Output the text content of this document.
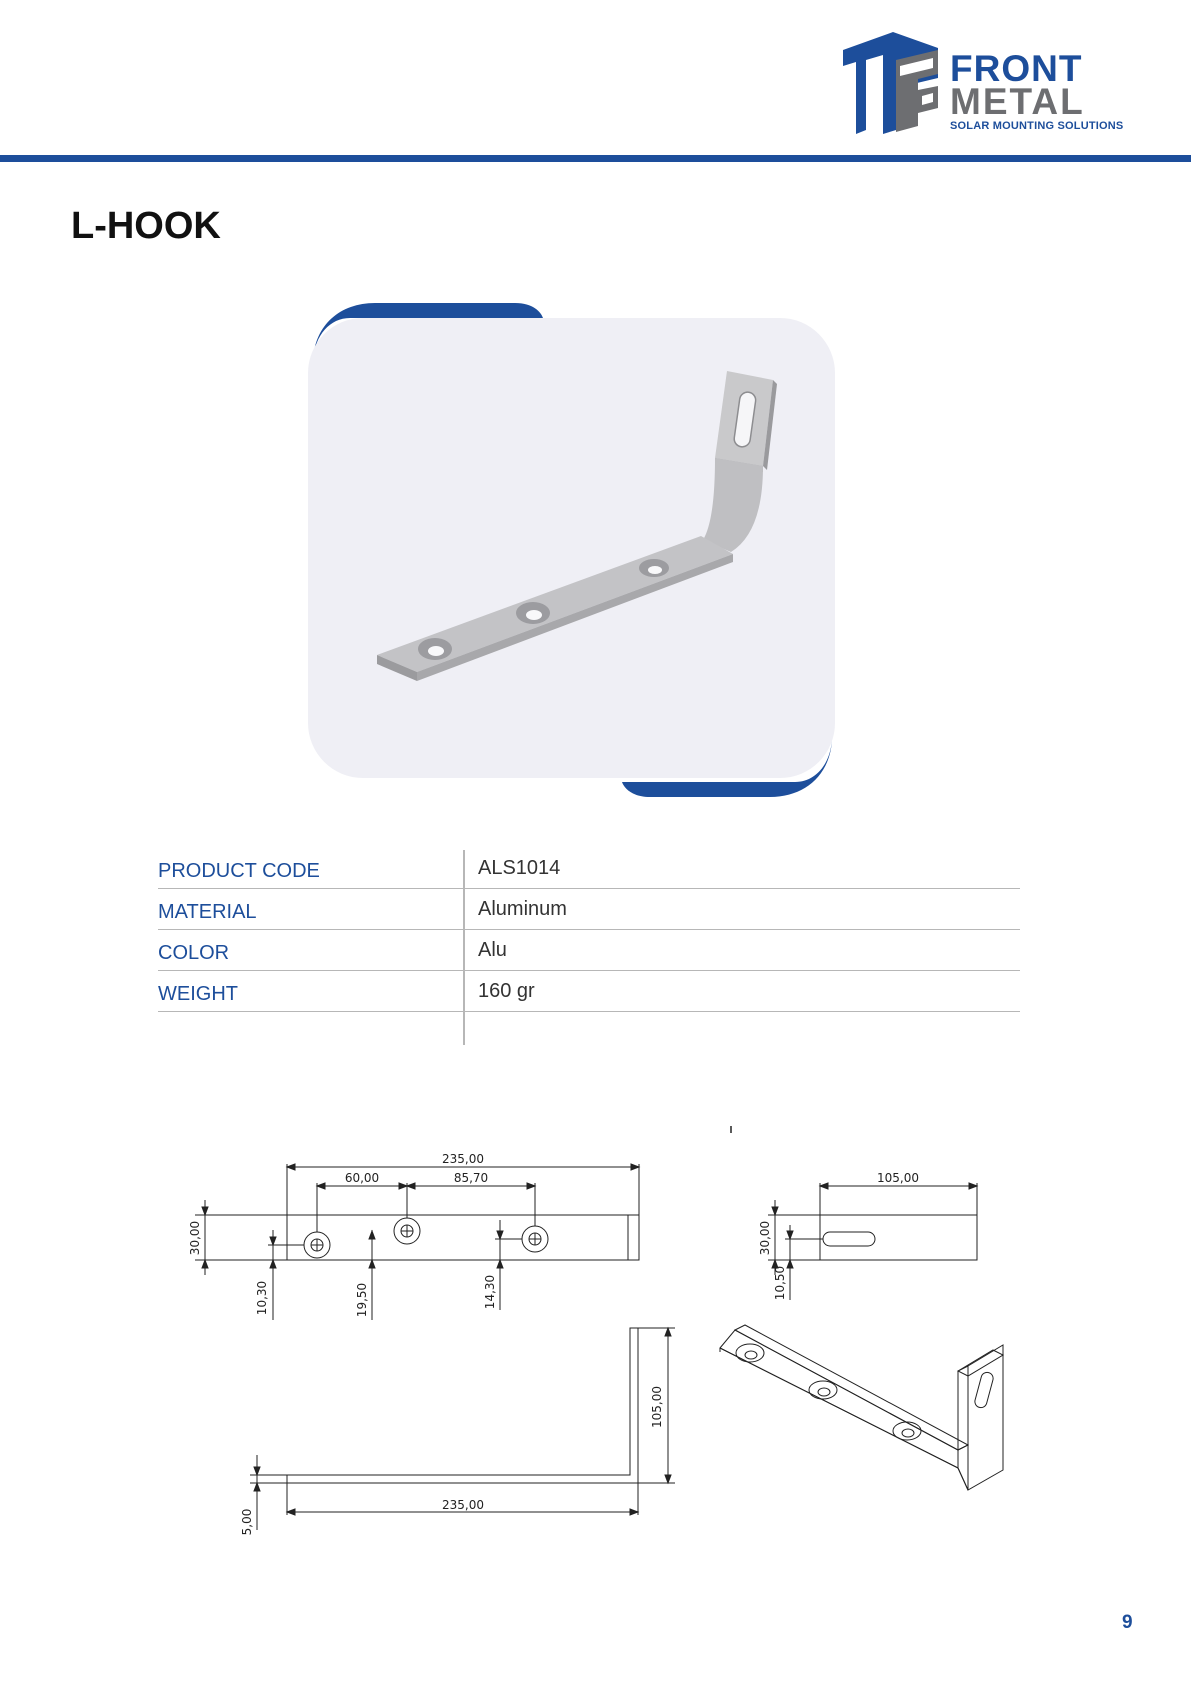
FRONT
METAL
SOLAR MOUNTING SOLUTIONS
L-HOOK
PRODUCT CODE	ALS1014
MATERIAL	Aluminum
COLOR	Alu
WEIGHT	160 gr
235,00
60,00	85,70
30,00
10,30	19,50	14,30
105,00
30,00
10,50
105,00
235,00
5,00
9
